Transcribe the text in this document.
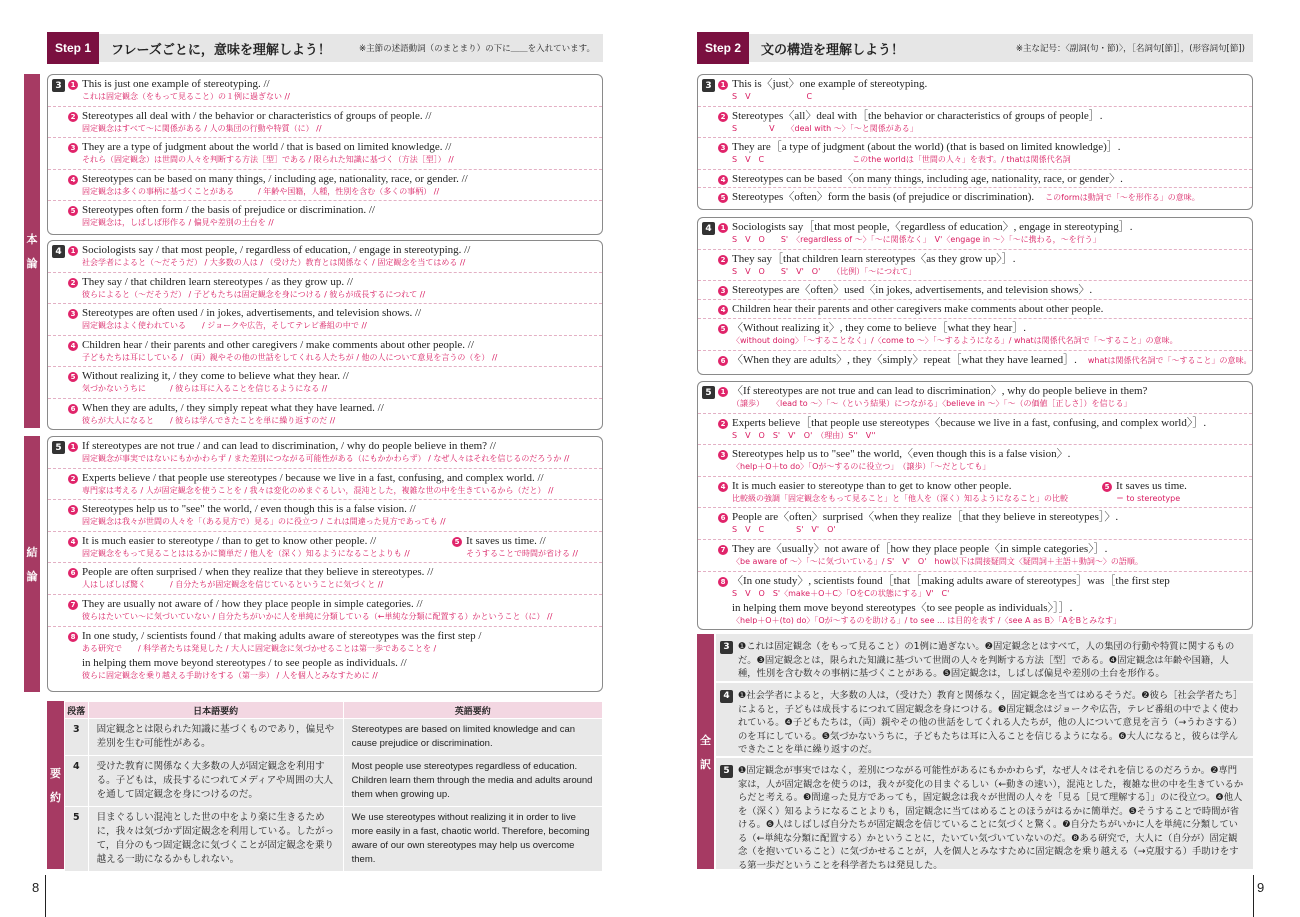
Step 1	フレーズごとに，意味を理解しよう！	※主節の述語動詞（のまとまり）の下に＿＿を入れています。
本
論
結
論
要
約
3	1 This is just one example of stereotyping. //
これは固定観念（をもって見ること）の１例に過ぎない //
2 Stereotypes all deal with / the behavior or characteristics of groups of people. //
固定観念はすべて〜に関係がある / 人の集団の行動や特質（に） //
3 They are a type of judgment about the world / that is based on limited knowledge. //
それら（固定観念）は世間の人々を判断する方法［型］である / 限られた知識に基づく（方法［型］） //
4 Stereotypes can be based on many things, / including age, nationality, race, or gender. //
固定観念は多くの事柄に基づくことがある　　　/ 年齢や国籍，人種，性別を含む（多くの事柄） //
5 Stereotypes often form / the basis of prejudice or discrimination. //
固定観念は，しばしば形作る / 偏見や差別の土台を //
4	1 Sociologists say / that most people, / regardless of education, / engage in stereotyping. //
社会学者によると（〜だそうだ） / 大多数の人は / （受けた）教育とは関係なく / 固定観念を当てはめる //
2 They say / that children learn stereotypes / as they grow up. //
彼らによると（〜だそうだ） / 子どもたちは固定観念を身につける / 彼らが成長するにつれて //
3 Stereotypes are often used / in jokes, advertisements, and television shows. //
固定観念はよく使われている　　/ ジョークや広告，そしてテレビ番組の中で //
4 Children hear / their parents and other caregivers / make comments about other people. //
子どもたちは耳にしている / （両）親やその他の世話をしてくれる人たちが / 他の人について意見を言うの（を） //
5 Without realizing it, / they come to believe what they hear. //
気づかないうちに　　　/ 彼らは耳に入ることを信じるようになる //
6 When they are adults, / they simply repeat what they have learned. //
彼らが大人になると　　/ 彼らは学んできたことを単に繰り返すのだ //
5	1 If stereotypes are not true / and can lead to discrimination, / why do people believe in them? //
固定観念が事実ではないにもかかわらず / また差別につながる可能性がある（にもかかわらず） / なぜ人々はそれを信じるのだろうか //
2 Experts believe / that people use stereotypes / because we live in a fast, confusing, and complex world. //
専門家は考える / 人が固定観念を使うことを / 我々は変化のめまぐるしい，混沌とした，複雑な世の中を生きているから（だと） //
3 Stereotypes help us to "see" the world, / even though this is a false vision. //
固定観念は我々が世間の人々を「（ある見方で）見る」のに役立つ / これは間違った見方であっても //
4 It is much easier to stereotype / than to get to know other people. //
固定観念をもって見ることははるかに簡単だ / 他人を（深く）知るようになることよりも //
5 It saves us time. //
そうすることで時間が省ける //
6 People are often surprised / when they realize that they believe in stereotypes. //
人はしばしば驚く　　　/ 自分たちが固定観念を信じているということに気づくと //
7 They are usually not aware of / how they place people in simple categories. //
彼らはたいてい〜に気づいていない / 自分たちがいかに人を単純に分類している（←単純な分類に配置する）かということ（に） //
8 In one study, / scientists found / that making adults aware of stereotypes was the first step /
ある研究で　　/ 科学者たちは発見した / 大人に固定観念に気づかせることは第一歩であることを /
in helping them move beyond stereotypes / to see people as individuals. //
彼らに固定観念を乗り越える手助けをする（第一歩） / 人を個人とみなすために //
段落	日本語要約	英語要約
3	固定観念とは限られた知識に基づくものであり，偏見や差別を生む可能性がある。	Stereotypes are based on limited knowledge and can cause prejudice or discrimination.
4	受けた教育に関係なく大多数の人が固定観念を利用する。子どもは，成長するにつれてメディアや周囲の大人を通して固定観念を身につけるのだ。	Most people use stereotypes regardless of education. Children learn them through the media and adults around them when growing up.
5	目まぐるしい混沌とした世の中をより楽に生きるために，我々は気づかず固定観念を利用している。したがって，自分のもつ固定観念に気づくことが固定観念を乗り越える一助になるかもしれない。	We use stereotypes without realizing it in order to live more easily in a fast, chaotic world. Therefore, becoming aware of our own stereotypes may help us overcome them.
8
Step 2	文の構造を理解しよう！	※主な記号：〈副詞(句・節)〉，［名詞句[節]］，(形容詞句[節])
3	1 This is〈just〉one example of stereotyping.
S　V　　　　　　　C
2 Stereotypes〈all〉deal with［the behavior or characteristics of groups of people］.
S　　　　V　　〈deal with 〜〉「〜と関係がある」
3 They are［a type of judgment (about the world) (that is based on limited knowledge)］.
S　V　C　　　　　　　　　　　このthe worldは「世間の人々」を表す。/ thatは関係代名詞
4 Stereotypes can be based〈on many things, including age, nationality, race, or gender〉.
5 Stereotypes〈often〉form the basis (of prejudice or discrimination).　 このformは動詞で「〜を形作る」の意味。
4	1 Sociologists say［that most people,〈regardless of education〉, engage in stereotyping］.
S　V　O　　S'　〈regardless of 〜〉「〜に関係なく」　V'〈engage in 〜〉「〜に携わる，〜を行う」
2 They say［that children learn stereotypes〈as they grow up〉］.
S　V　O　　S'　V'　O'　　（比例）「〜につれて」
3 Stereotypes are〈often〉used〈in jokes, advertisements, and television shows〉.
4 Children hear their parents and other caregivers make comments about other people.
5 〈Without realizing it〉, they come to believe［what they hear］.
〈without doing〉「〜することなく」/〈come to 〜〉「〜するようになる」/ whatは関係代名詞で「〜すること」の意味。
6 〈When they are adults〉, they〈simply〉repeat［what they have learned］.　 whatは関係代名詞で「〜すること」の意味。
5	1 〈If stereotypes are not true and can lead to discrimination〉, why do people believe in them?
（譲歩）　　〈lead to 〜〉「〜（という結果）につながる」〈believe in 〜〉「〜（の価値［正しさ］）を信じる」
2 Experts believe［that people use stereotypes〈because we live in a fast, confusing, and complex world〉］.
S　V　O　S'　V'　O'　（理由）S''　V''
3 Stereotypes help us to "see" the world,〈even though this is a false vision〉.
〈help＋O＋to do〉「Oが〜するのに役立つ」　（譲歩）「〜だとしても」
4 It is much easier to stereotype than to get to know other people.
比較級の強調「固定観念をもって見ること」と「他人を（深く）知るようになること」の比較
5 It saves us time.
＝ to stereotype
6 People are〈often〉surprised〈when they realize［that they believe in stereotypes］〉.
S　V　C　　　　S'　V'　O'
7 They are〈usually〉not aware of［how they place people〈in simple categories〉］.
〈be aware of 〜〉「〜に気づいている」/ S'　V'　O'　how以下は間接疑問文〈疑問詞＋主語＋動詞〜〉の語順。
8 〈In one study〉, scientists found［that［making adults aware of stereotypes］was［the first step
S　V　O　S'〈make＋O＋C〉「OをCの状態にする」V'　C'
in helping them move beyond stereotypes〈to see people as individuals〉］］.
〈help＋O＋(to) do〉「Oが〜するのを助ける」/ to see ... は目的を表す /〈see A as B〉「AをBとみなす」
全
訳
3 ❶これは固定観念（をもって見ること）の1例に過ぎない。❷固定観念とはすべて，人の集団の行動や特質に関するものだ。❸固定観念とは，限られた知識に基づいて世間の人々を判断する方法［型］である。❹固定観念は年齢や国籍，人種，性別を含む数々の事柄に基づくことがある。❺固定観念は，しばしば偏見や差別の土台を形作る。
4 ❶社会学者によると，大多数の人は，（受けた）教育と関係なく，固定観念を当てはめるそうだ。❷彼ら［社会学者たち］によると，子どもは成長するにつれて固定観念を身につける。❸固定観念はジョークや広告，テレビ番組の中でよく使われている。❹子どもたちは，（両）親やその他の世話をしてくれる人たちが，他の人について意見を言う（→うわさする）のを耳にしている。❺気づかないうちに，子どもたちは耳に入ることを信じるようになる。❻大人になると，彼らは学んできたことを単に繰り返すのだ。
5 ❶固定観念が事実ではなく，差別につながる可能性があるにもかかわらず，なぜ人々はそれを信じるのだろうか。❷専門家は，人が固定観念を使うのは，我々が変化の目まぐるしい（←動きの速い），混沌とした，複雑な世の中を生きているからだと考える。❸間違った見方であっても，固定観念は我々が世間の人々を「見る［見て理解する］」のに役立つ。❹他人を（深く）知るようになることよりも，固定観念に当てはめることのほうがはるかに簡単だ。❺そうすることで時間が省ける。❻人はしばしば自分たちが固定観念を信じていることに気づくと驚く。❼自分たちがいかに人を単純に分類している（←単純な分類に配置する）かということに，たいてい気づいていないのだ。❽ある研究で，大人に（自分が）固定観念（を抱いていること）に気づかせることが，人を個人とみなすために固定観念を乗り越える（→克服する）手助けをする第一歩だということを科学者たちは発見した。
9
